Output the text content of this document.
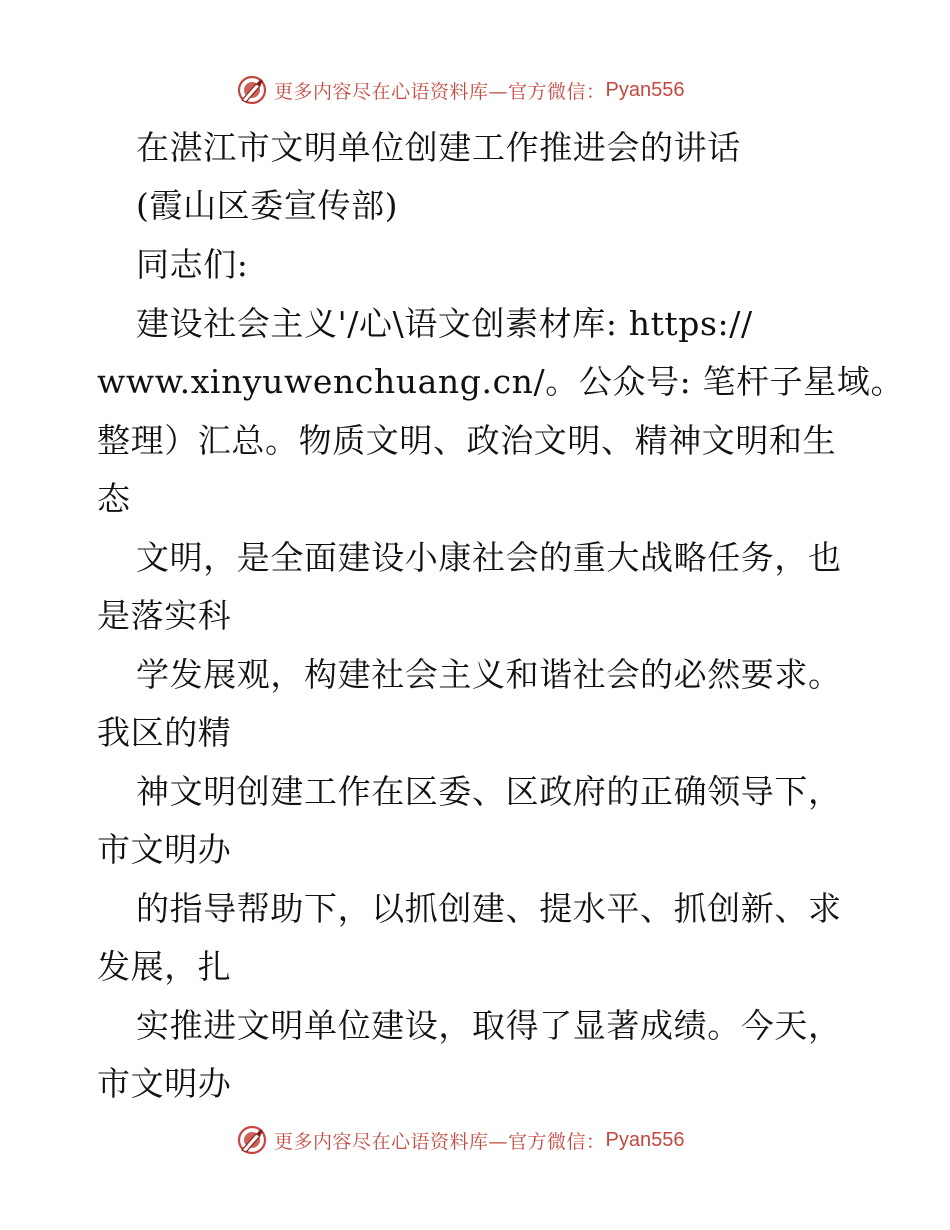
更多内容尽在心语资料库—官方微信： Pyan556
在湛江市文明单位创建工作推进会的讲话
(霞山区委宣传部)
同志们:
建设社会主义'/心\语文创素材库: https://
www.xinyuwenchuang.cn/。公众号: 笔杆子星域。
整理）汇总。物质文明、政治文明、精神文明和生
态
文明，是全面建设小康社会的重大战略任务，也
是落实科
学发展观，构建社会主义和谐社会的必然要求。
我区的精
神文明创建工作在区委、区政府的正确领导下，
市文明办
的指导帮助下，以抓创建、提水平、抓创新、求
发展，扎
实推进文明单位建设，取得了显著成绩。今天，
市文明办
更多内容尽在心语资料库—官方微信： Pyan556
